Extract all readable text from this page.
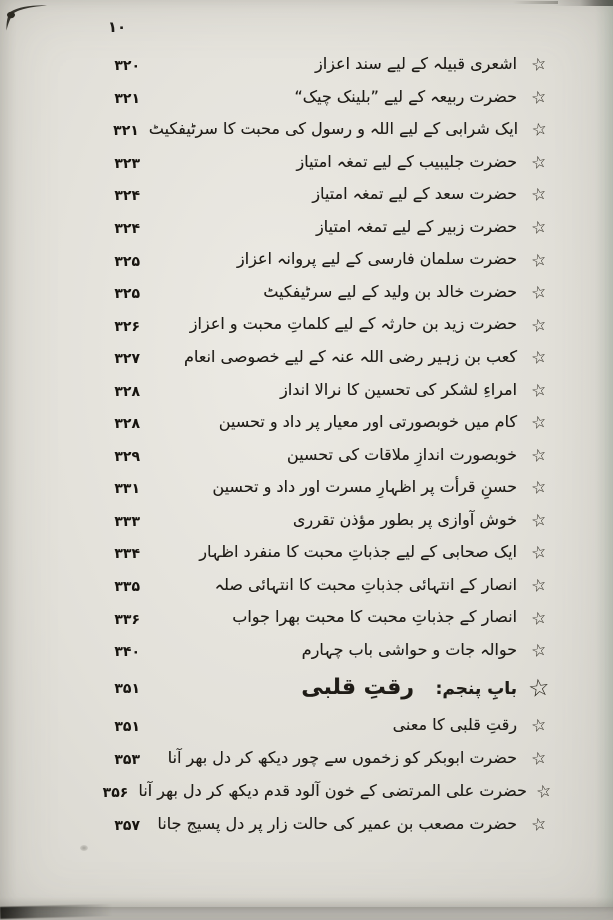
۱۰
۳۲۰	اشعری قبیلہ کے لیے سند اعزاز ☆
۳۲۱	حضرت ربیعہ کے لیے ”بلینک چیک“ ☆
۳۲۱ ایک شرابی کے لیے اللہ و رسول کی محبت کا سرٹیفکیٹ ☆
۳۲۳	حضرت جلیبیب کے لیے تمغہ امتیاز ☆
۳۲۴	حضرت سعد کے لیے تمغہ امتیاز ☆
۳۲۴	حضرت زبیر کے لیے تمغہ امتیاز ☆
۳۲۵	حضرت سلمان فارسی کے لیے پروانہ اعزاز ☆
۳۲۵	حضرت خالد بن ولید کے لیے سرٹیفکیٹ ☆
۳۲۶	حضرت زید بن حارثہ کے لیے کلماتِ محبت و اعزاز ☆
۳۲۷	کعب بن زہیر رضی اللہ عنہ کے لیے خصوصی انعام ☆
۳۲۸	امراءِ لشکر کی تحسین کا نرالا انداز ☆
۳۲۸	کام میں خوبصورتی اور معیار پر داد و تحسین ☆
۳۲۹	خوبصورت اندازِ ملاقات کی تحسین ☆
۳۳۱	حسنِ قرأت پر اظہارِ مسرت اور داد و تحسین ☆
۳۳۳	خوش آوازی پر بطور مؤذن تقرری ☆
۳۳۴	ایک صحابی کے لیے جذباتِ محبت کا منفرد اظہار ☆
۳۳۵	انصار کے انتہائی جذباتِ محبت کا انتہائی صلہ ☆
۳۳۶	انصار کے جذباتِ محبت کا محبت بھرا جواب ☆
۳۴۰	حوالہ جات و حواشی باب چہارم ☆
۳۵۱	بابِ پنجم: رقتِ قلبی	☆
۳۵۱	رقتِ قلبی کا معنی ☆
۳۵۳	حضرت ابوبکر کو زخموں سے چور دیکھ کر دل بھر آنا ☆
۳۵۶ حضرت علی المرتضی کے خون آلود قدم دیکھ کر دل بھر آنا ☆
۳۵۷	حضرت مصعب بن عمیر کی حالت زار پر دل پسیج جانا ☆
